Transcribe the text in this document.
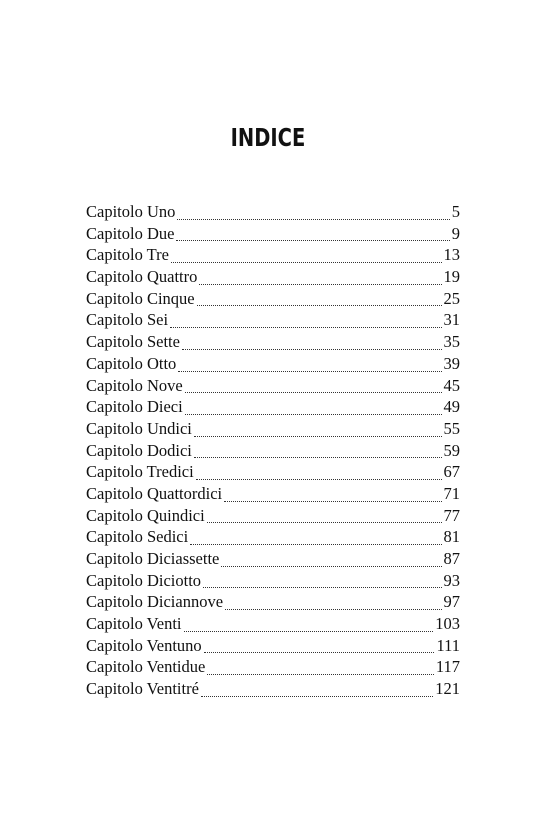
INDICE
Capitolo Uno	5
Capitolo Due	9
Capitolo Tre	13
Capitolo Quattro	19
Capitolo Cinque	25
Capitolo Sei	31
Capitolo Sette	35
Capitolo Otto	39
Capitolo Nove	45
Capitolo Dieci	49
Capitolo Undici	55
Capitolo Dodici	59
Capitolo Tredici	67
Capitolo Quattordici	71
Capitolo Quindici	77
Capitolo Sedici	81
Capitolo Diciassette	87
Capitolo Diciotto	93
Capitolo Diciannove	97
Capitolo Venti	103
Capitolo Ventuno	111
Capitolo Ventidue	117
Capitolo Ventitré	121
